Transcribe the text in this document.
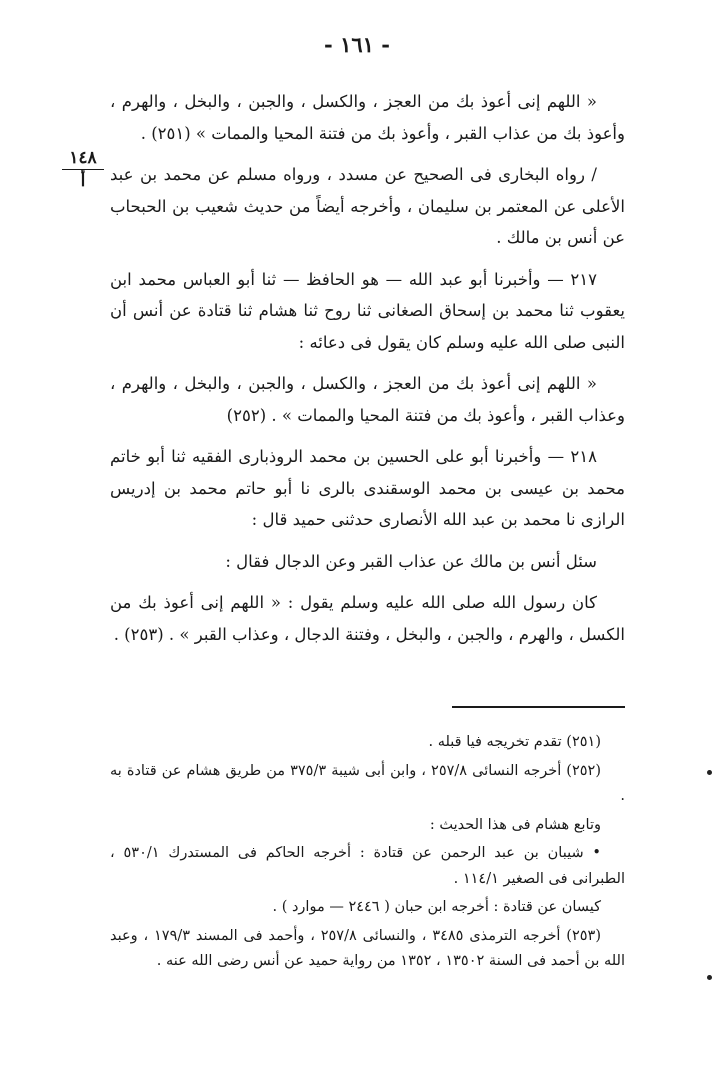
- ١٦١ -
١٤٨
أ

« اللهم إنى أعوذ بك من العجز ، والكسل ، والجبن ، والبخل ، والهرم ، وأعوذ بك من عذاب القبر ، وأعوذ بك من فتنة المحيا والممات » (٢٥١) .

/ رواه البخارى فى الصحيح عن مسدد ، ورواه مسلم عن محمد بن عبد الأعلى عن المعتمر بن سليمان ، وأخرجه أيضاً من حديث شعيب بن الحبحاب عن أنس بن مالك .

٢١٧ — وأخبرنا أبو عبد الله — هو الحافظ — ثنا أبو العباس محمد ابن يعقوب ثنا محمد بن إسحاق الصغانى ثنا روح ثنا هشام ثنا قتادة عن أنس أن النبى صلى الله عليه وسلم كان يقول فى دعائه :

« اللهم إنى أعوذ بك من العجز ، والكسل ، والجبن ، والبخل ، والهرم ، وعذاب القبر ، وأعوذ بك من فتنة المحيا والممات » . (٢٥٢)

٢١٨ — وأخبرنا أبو على الحسين بن محمد الروذبارى الفقيه ثنا أبو خاتم محمد بن عيسى بن محمد الوسقندى بالرى نا أبو حاتم محمد بن إدريس الرازى نا محمد بن عبد الله الأنصارى حدثنى حميد قال :

سئل أنس بن مالك عن عذاب القبر وعن الدجال فقال :

كان رسول الله صلى الله عليه وسلم يقول : « اللهم إنى أعوذ بك من الكسل ، والهرم ، والجبن ، والبخل ، وفتنة الدجال ، وعذاب القبر » . (٢٥٣) .

(٢٥١) تقدم تخريجه فيا قبله .

(٢٥٢) أخرجه النسائى ٢٥٧/٨ ، وابن أبى شيبة ٣٧٥/٣ من طريق هشام عن قتادة به .

وتابع هشام فى هذا الحديث :

• شيبان بن عبد الرحمن عن قتادة : أخرجه الحاكم فى المستدرك ٥٣٠/١ ، الطبرانى فى الصغير ١١٤/١ .

كيسان عن قتادة : أخرجه ابن حبان ( ٢٤٤٦ — موارد ) .

(٢٥٣) أخرجه الترمذى ٣٤٨٥ ، والنسائى ٢٥٧/٨ ، وأحمد فى المسند ١٧٩/٣ ، وعبد الله بن أحمد فى السنة ١٣٥٠٢ ، ١٣٥٢ من رواية حميد عن أنس رضى الله عنه .
